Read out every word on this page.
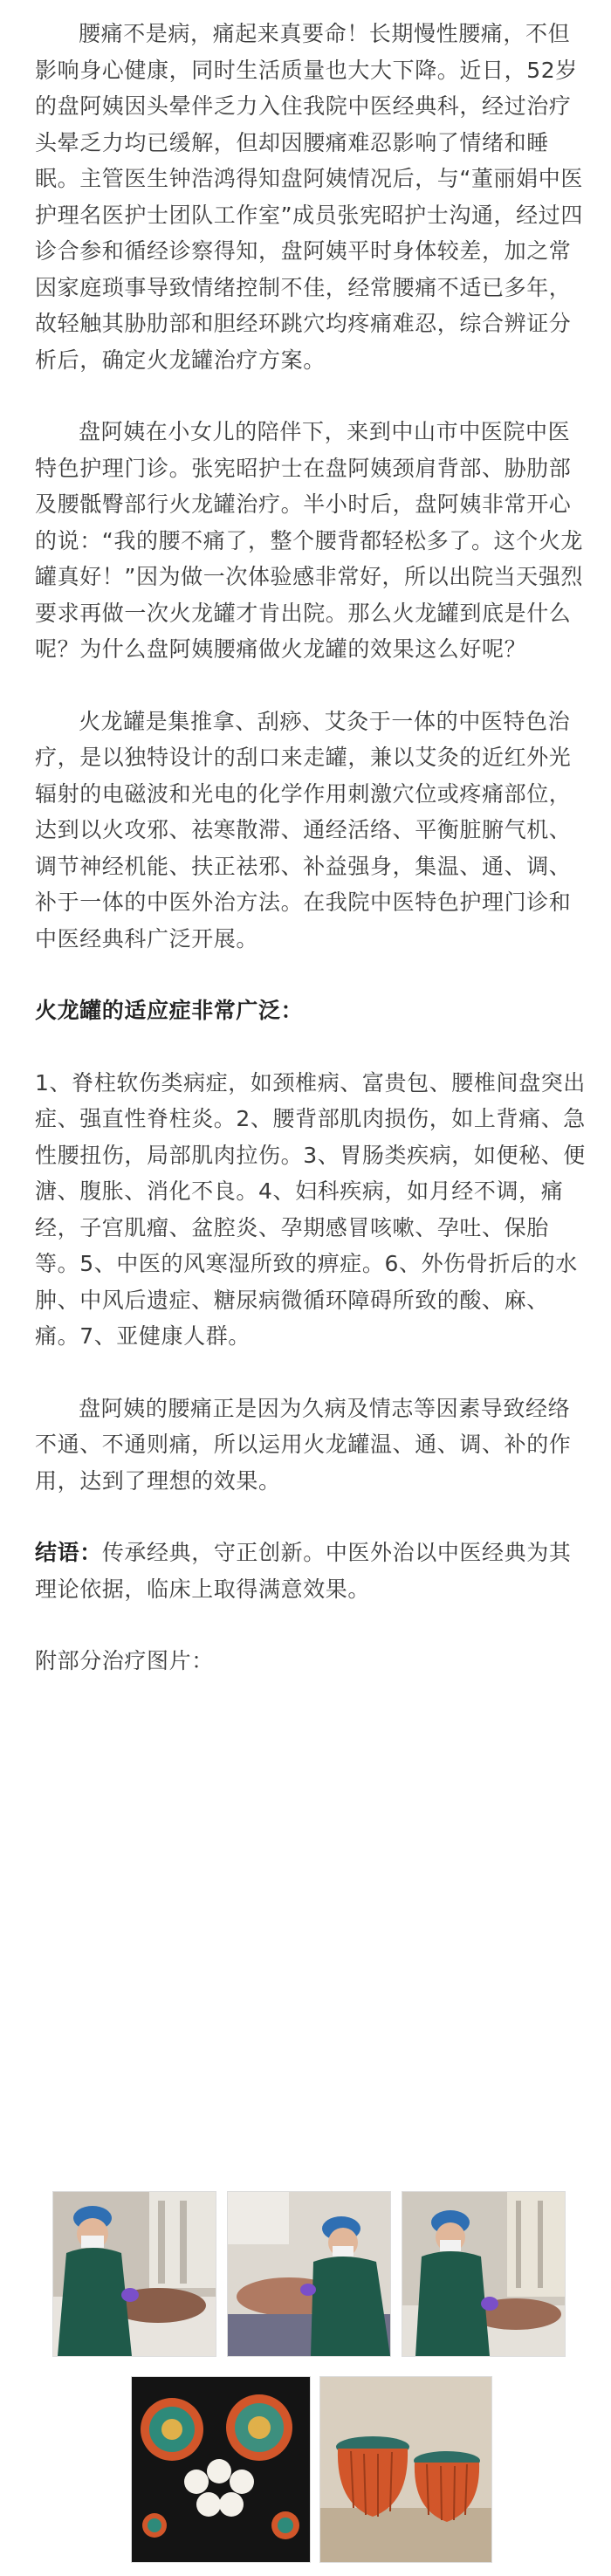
腰痛不是病，痛起来真要命！长期慢性腰痛，不但影响身心健康，同时生活质量也大大下降。近日，52岁的盘阿姨因头晕伴乏力入住我院中医经典科，经过治疗头晕乏力均已缓解，但却因腰痛难忍影响了情绪和睡眠。主管医生钟浩鸿得知盘阿姨情况后，与“董丽娟中医护理名医护士团队工作室”成员张宪昭护士沟通，经过四诊合参和循经诊察得知，盘阿姨平时身体较差，加之常因家庭琐事导致情绪控制不佳，经常腰痛不适已多年，故轻触其胁肋部和胆经环跳穴均疼痛难忍，综合辨证分析后，确定火龙罐治疗方案。

盘阿姨在小女儿的陪伴下，来到中山市中医院中医特色护理门诊。张宪昭护士在盘阿姨颈肩背部、胁肋部及腰骶臀部行火龙罐治疗。半小时后，盘阿姨非常开心的说：“我的腰不痛了，整个腰背都轻松多了。这个火龙罐真好！”因为做一次体验感非常好，所以出院当天强烈要求再做一次火龙罐才肯出院。那么火龙罐到底是什么呢？为什么盘阿姨腰痛做火龙罐的效果这么好呢？

火龙罐是集推拿、刮痧、艾灸于一体的中医特色治疗，是以独特设计的刮口来走罐，兼以艾灸的近红外光辐射的电磁波和光电的化学作用刺激穴位或疼痛部位，达到以火攻邪、祛寒散滞、通经活络、平衡脏腑气机、调节神经机能、扶正祛邪、补益强身，集温、通、调、补于一体的中医外治方法。在我院中医特色护理门诊和中医经典科广泛开展。

火龙罐的适应症非常广泛：

1、脊柱软伤类病症，如颈椎病、富贵包、腰椎间盘突出症、强直性脊柱炎。2、腰背部肌肉损伤，如上背痛、急性腰扭伤，局部肌肉拉伤。3、胃肠类疾病，如便秘、便溏、腹胀、消化不良。4、妇科疾病，如月经不调，痛经，子宫肌瘤、盆腔炎、孕期感冒咳嗽、孕吐、保胎等。5、中医的风寒湿所致的痹症。6、外伤骨折后的水肿、中风后遗症、糖尿病微循环障碍所致的酸、麻、痛。7、亚健康人群。

盘阿姨的腰痛正是因为久病及情志等因素导致经络不通、不通则痛，所以运用火龙罐温、通、调、补的作用，达到了理想的效果。

结语：传承经典，守正创新。中医外治以中医经典为其理论依据，临床上取得满意效果。

附部分治疗图片：
